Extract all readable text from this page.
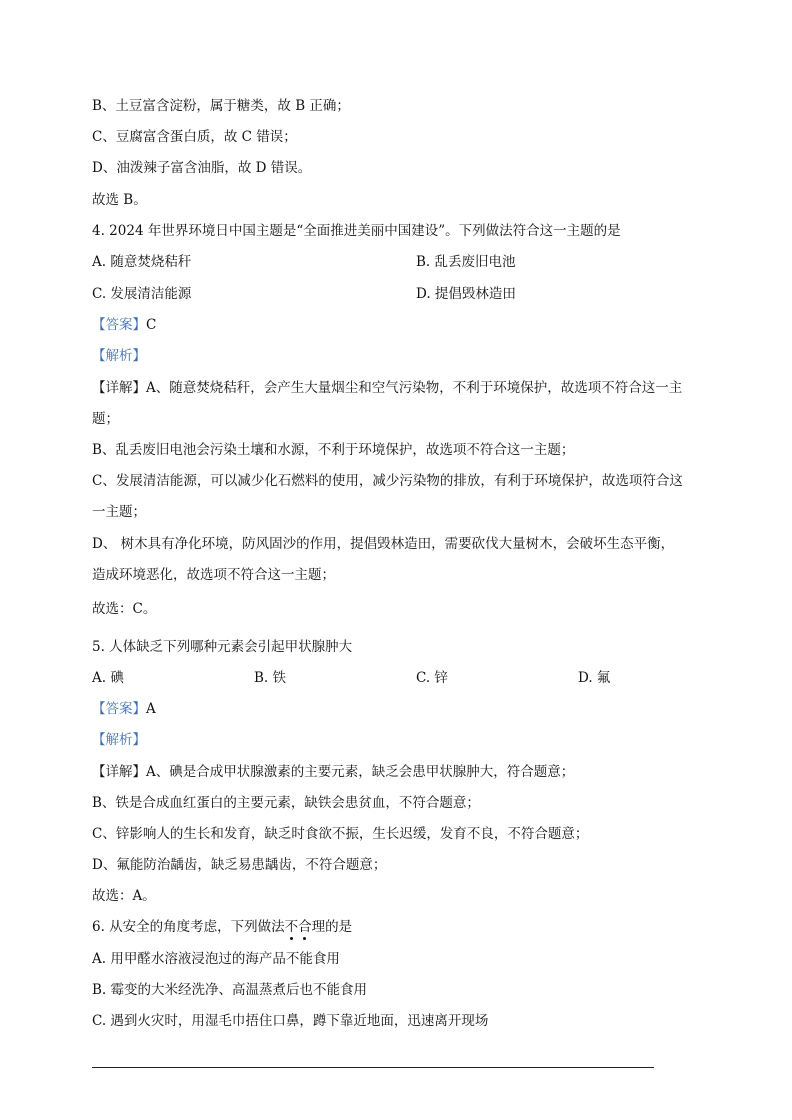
B、土豆富含淀粉，属于糖类，故 B 正确；
C、豆腐富含蛋白质，故 C 错误；
D、油泼辣子富含油脂，故 D 错误。
故选 B。
4. 2024 年世界环境日中国主题是“全面推进美丽中国建设”。下列做法符合这一主题的是
A. 随意焚烧秸秆	B. 乱丢废旧电池
C. 发展清洁能源	D. 提倡毁林造田
【答案】C
【解析】
【详解】A、随意焚烧秸秆，会产生大量烟尘和空气污染物，不利于环境保护，故选项不符合这一主
题；
B、乱丢废旧电池会污染土壤和水源，不利于环境保护，故选项不符合这一主题；
C、发展清洁能源，可以减少化石燃料的使用，减少污染物的排放，有利于环境保护，故选项符合这
一主题；
D、 树木具有净化环境，防风固沙的作用，提倡毁林造田，需要砍伐大量树木，会破坏生态平衡，
造成环境恶化，故选项不符合这一主题；
故选：C。
5. 人体缺乏下列哪种元素会引起甲状腺肿大
A. 碘	B. 铁	C. 锌	D. 氟
【答案】A
【解析】
【详解】A、碘是合成甲状腺激素的主要元素，缺乏会患甲状腺肿大，符合题意；
B、铁是合成血红蛋白的主要元素，缺铁会患贫血，不符合题意；
C、锌影响人的生长和发育，缺乏时食欲不振，生长迟缓，发育不良，不符合题意；
D、氟能防治龋齿，缺乏易患龋齿，不符合题意；
故选：A。
6. 从安全的角度考虑，下列做法不合理的是
A. 用甲醛水溶液浸泡过的海产品不能食用
B. 霉变的大米经洗净、高温蒸煮后也不能食用
C. 遇到火灾时，用湿毛巾捂住口鼻，蹲下靠近地面，迅速离开现场
